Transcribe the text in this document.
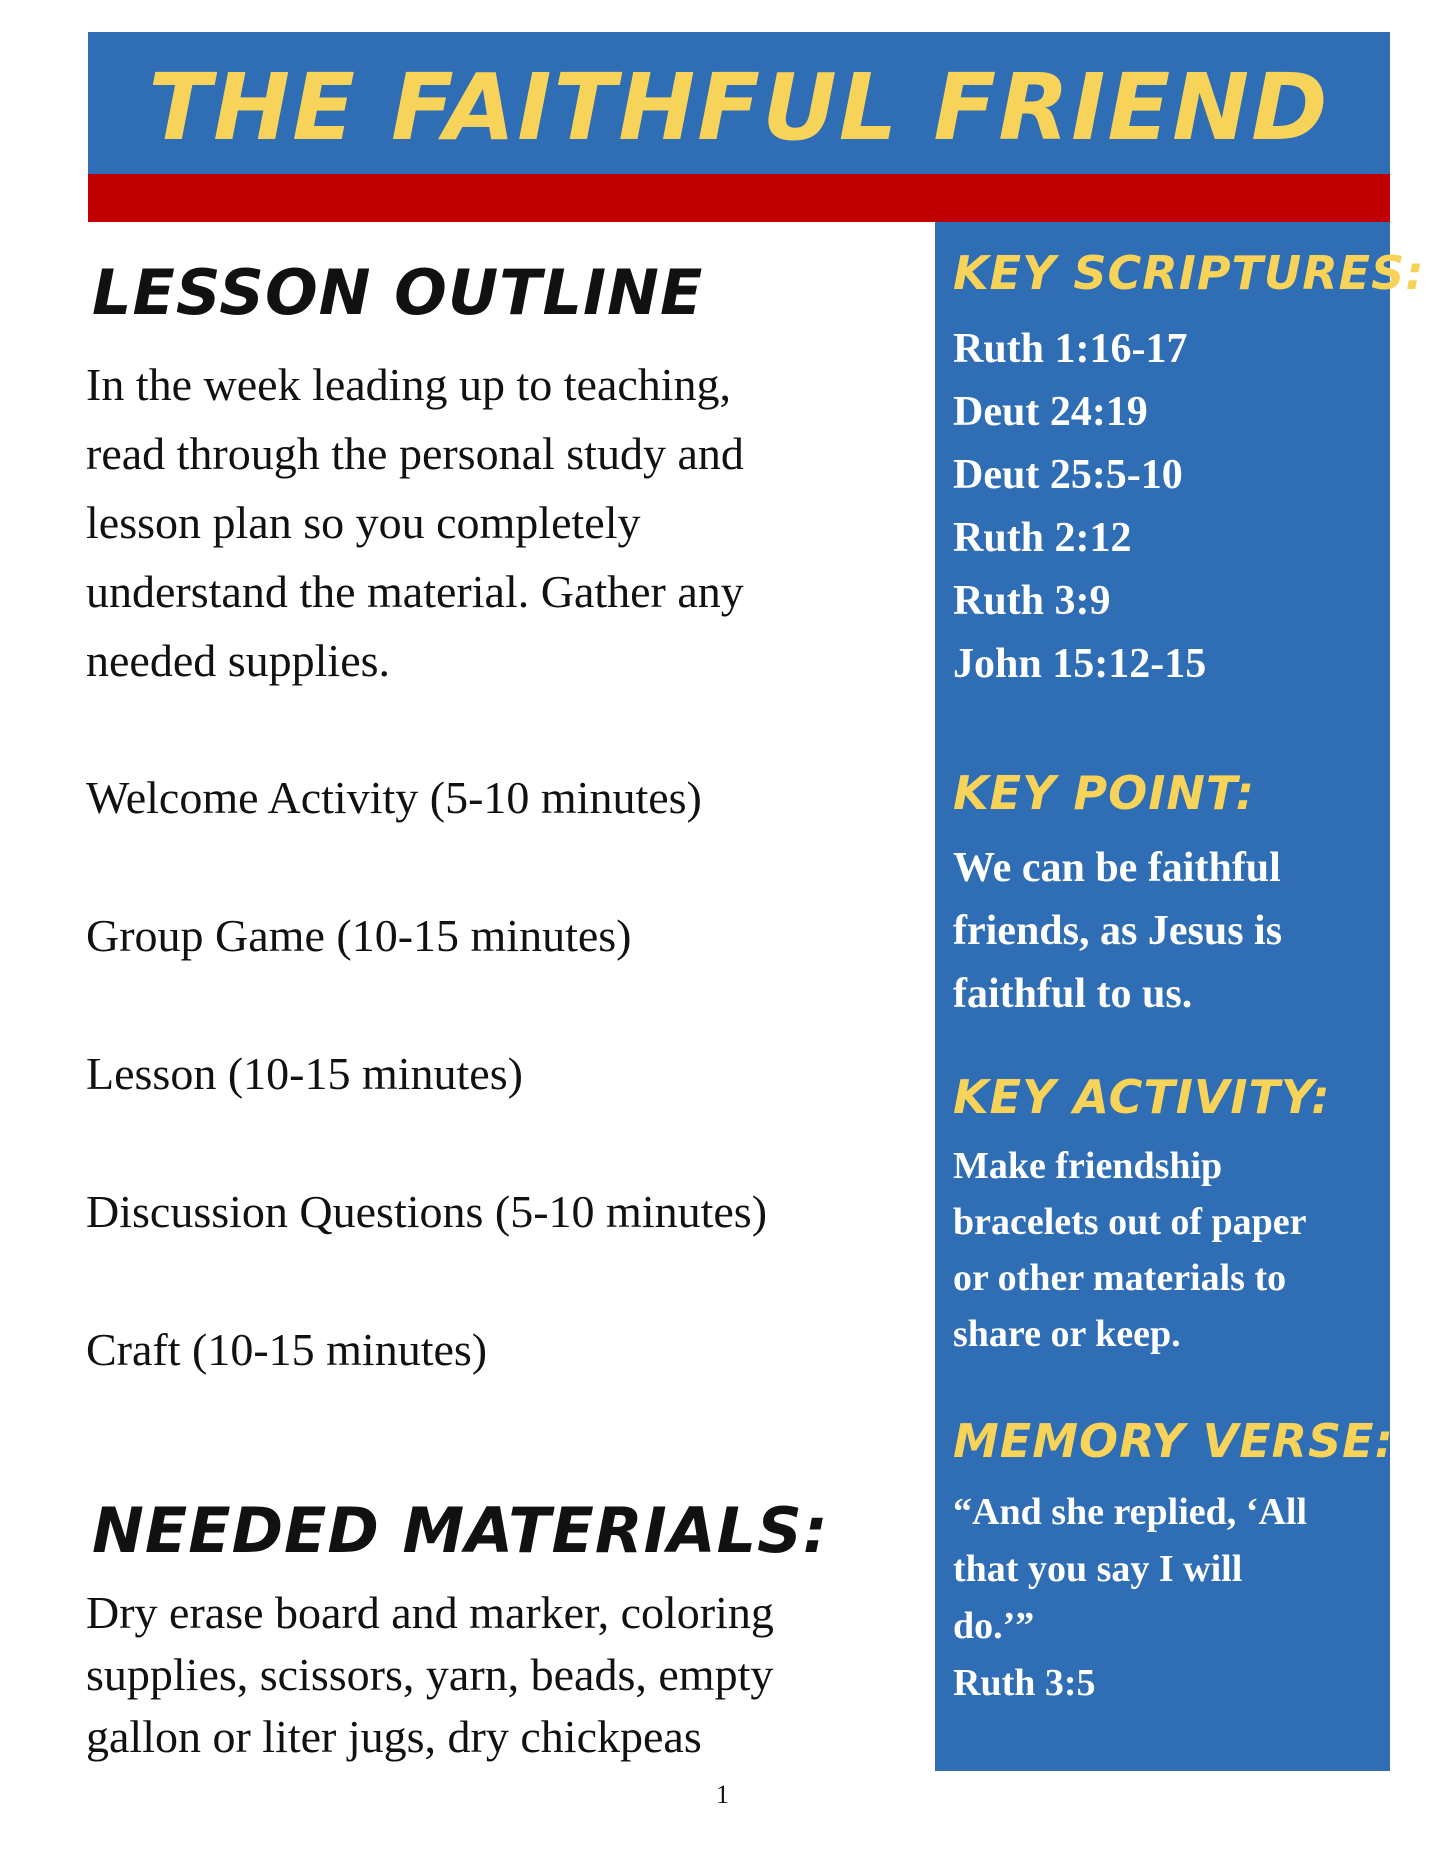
THE FAITHFUL FRIEND
LESSON OUTLINE
In the week leading up to teaching,
read through the personal study and
lesson plan so you completely
understand the material. Gather any
needed supplies.
Welcome Activity (5-10 minutes)
Group Game (10-15 minutes)
Lesson (10-15 minutes)
Discussion Questions (5-10 minutes)
Craft (10-15 minutes)
NEEDED MATERIALS:
Dry erase board and marker, coloring
supplies, scissors, yarn, beads, empty
gallon or liter jugs, dry chickpeas
KEY SCRIPTURES:
Ruth 1:16-17
Deut 24:19
Deut 25:5-10
Ruth 2:12
Ruth 3:9
John 15:12-15
KEY POINT:
We can be faithful
friends, as Jesus is
faithful to us.
KEY ACTIVITY:
Make friendship
bracelets out of paper
or other materials to
share or keep.
MEMORY VERSE:
“And she replied, ‘All
that you say I will
do.’”
Ruth 3:5
1
